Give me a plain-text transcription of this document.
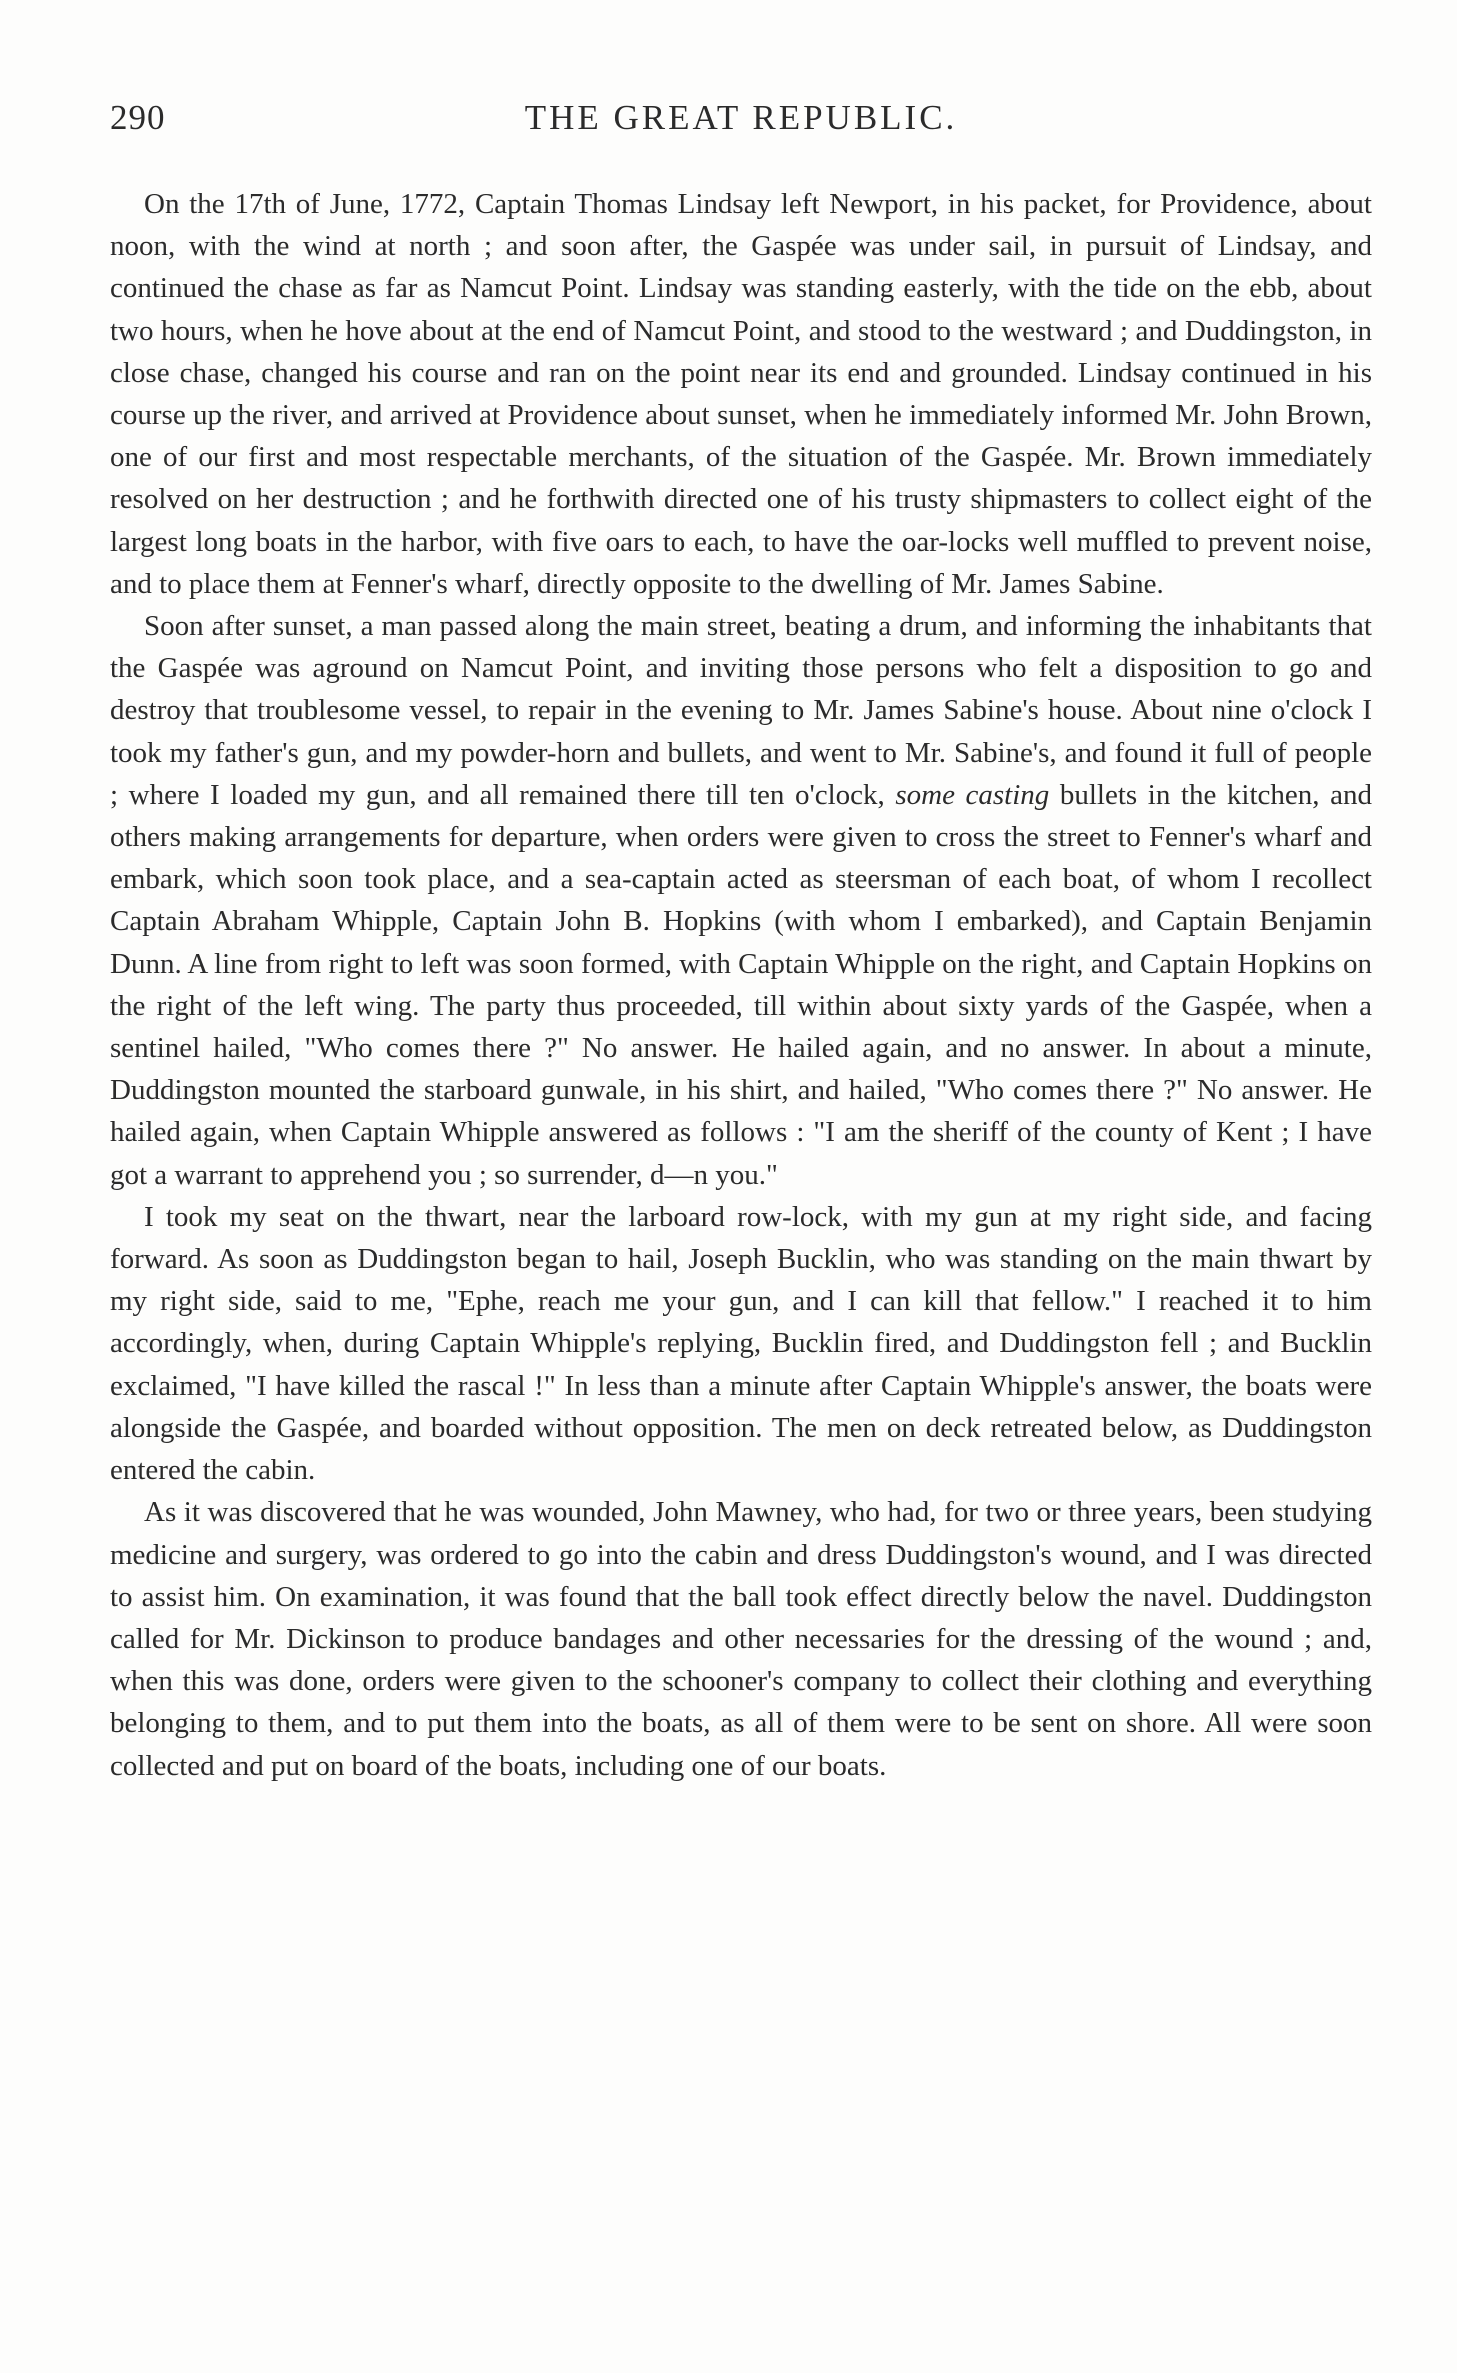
290	THE GREAT REPUBLIC.

On the 17th of June, 1772, Captain Thomas Lindsay left Newport, in his packet, for Providence, about noon, with the wind at north ; and soon after, the Gaspée was under sail, in pursuit of Lindsay, and continued the chase as far as Namcut Point. Lindsay was standing easterly, with the tide on the ebb, about two hours, when he hove about at the end of Namcut Point, and stood to the westward ; and Duddingston, in close chase, changed his course and ran on the point near its end and grounded. Lindsay continued in his course up the river, and arrived at Providence about sunset, when he immediately informed Mr. John Brown, one of our first and most respectable merchants, of the situation of the Gaspée. Mr. Brown immediately resolved on her destruction ; and he forthwith directed one of his trusty shipmasters to collect eight of the largest long boats in the harbor, with five oars to each, to have the oar-locks well muffled to prevent noise, and to place them at Fenner's wharf, directly opposite to the dwelling of Mr. James Sabine.

Soon after sunset, a man passed along the main street, beating a drum, and informing the inhabitants that the Gaspée was aground on Namcut Point, and inviting those persons who felt a disposition to go and destroy that troublesome vessel, to repair in the evening to Mr. James Sabine's house. About nine o'clock I took my father's gun, and my powder-horn and bullets, and went to Mr. Sabine's, and found it full of people ; where I loaded my gun, and all remained there till ten o'clock, some casting bullets in the kitchen, and others making arrangements for departure, when orders were given to cross the street to Fenner's wharf and embark, which soon took place, and a sea-captain acted as steersman of each boat, of whom I recollect Captain Abraham Whipple, Captain John B. Hopkins (with whom I embarked), and Captain Benjamin Dunn. A line from right to left was soon formed, with Captain Whipple on the right, and Captain Hopkins on the right of the left wing. The party thus proceeded, till within about sixty yards of the Gaspée, when a sentinel hailed, "Who comes there ?" No answer. He hailed again, and no answer. In about a minute, Duddingston mounted the starboard gunwale, in his shirt, and hailed, "Who comes there ?" No answer. He hailed again, when Captain Whipple answered as follows : "I am the sheriff of the county of Kent ; I have got a warrant to apprehend you ; so surrender, d—n you."

I took my seat on the thwart, near the larboard row-lock, with my gun at my right side, and facing forward. As soon as Duddingston began to hail, Joseph Bucklin, who was standing on the main thwart by my right side, said to me, "Ephe, reach me your gun, and I can kill that fellow." I reached it to him accordingly, when, during Captain Whipple's replying, Bucklin fired, and Duddingston fell ; and Bucklin exclaimed, "I have killed the rascal !" In less than a minute after Captain Whipple's answer, the boats were alongside the Gaspée, and boarded without opposition. The men on deck retreated below, as Duddingston entered the cabin.

As it was discovered that he was wounded, John Mawney, who had, for two or three years, been studying medicine and surgery, was ordered to go into the cabin and dress Duddingston's wound, and I was directed to assist him. On examination, it was found that the ball took effect directly below the navel. Duddingston called for Mr. Dickinson to produce bandages and other necessaries for the dressing of the wound ; and, when this was done, orders were given to the schooner's company to collect their clothing and everything belonging to them, and to put them into the boats, as all of them were to be sent on shore. All were soon collected and put on board of the boats, including one of our boats.
